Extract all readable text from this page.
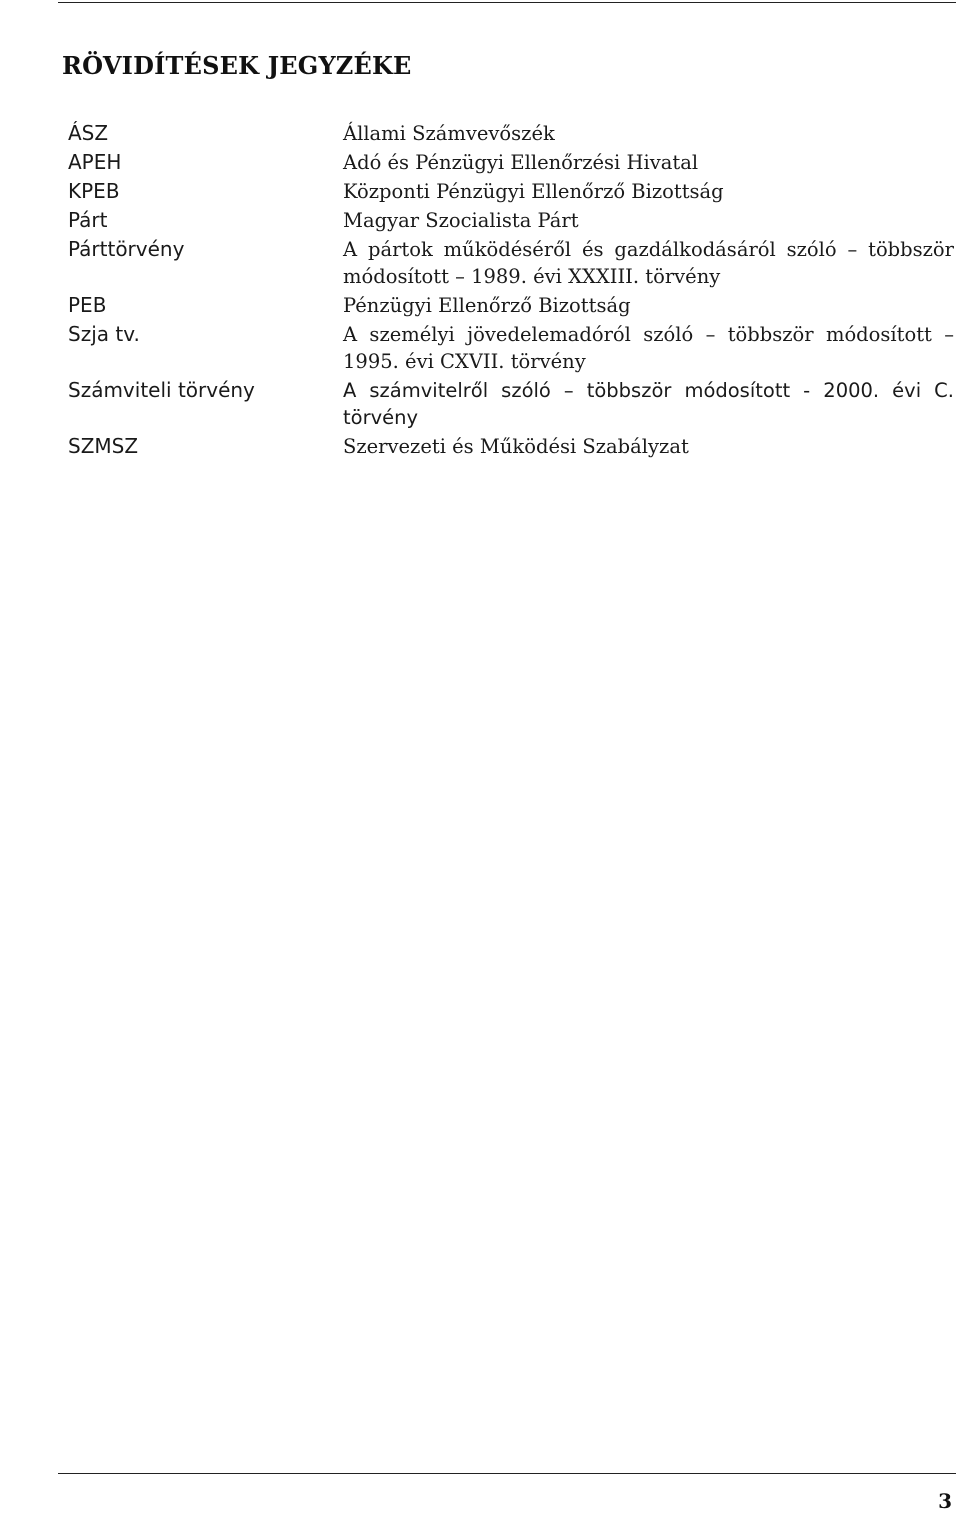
RÖVIDÍTÉSEK JEGYZÉKE
ÁSZ	Állami Számvevőszék
APEH	Adó és Pénzügyi Ellenőrzési Hivatal
KPEB	Központi Pénzügyi Ellenőrző Bizottság
Párt	Magyar Szocialista Párt
Párttörvény	A pártok működéséről és gazdálkodásáról szóló – többször módosított – 1989. évi XXXIII. törvény
PEB	Pénzügyi Ellenőrző Bizottság
Szja tv.	A személyi jövedelemadóról szóló – többször módosított – 1995. évi CXVII. törvény
Számviteli törvény	A számvitelről szóló – többször módosított - 2000. évi C. törvény
SZMSZ	Szervezeti és Működési Szabályzat
3
